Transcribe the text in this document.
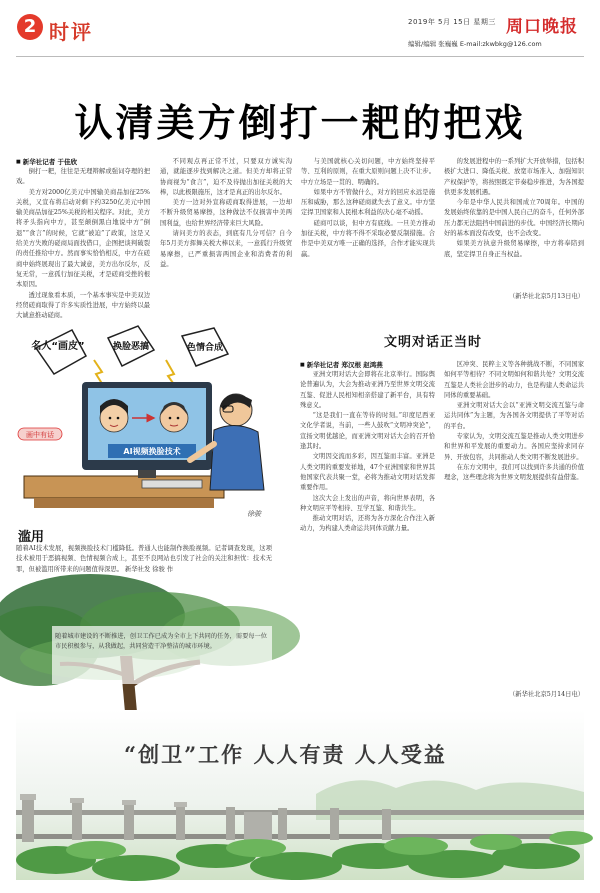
2 时评	2019年 5月 15日 星期三 周口晚报
编辑/编辑 张巍巍 E-mail:zkwbkg@126.com
认清美方倒打一耙的把戏

■ 新华社记者 于佳欣

倒打一耙，往往是无理辩解或强词夺理的把戏。

美方对2000亿美元中国输美商品加征25%关税，又宣布将启动对剩下约3250亿美元中国输美商品加征25%关税的相关程序。对此，美方将矛头指向中方，甚至颠倒黑白地说中方“倒退”“食言”的时候，它就“被迫”了政策，这是又给美方失败的磋商局面找借口，企图把谈判破裂的责任推给中方。然而事实恰恰相反，中方在磋商中始终展现出了最大诚意，美方出尔反尔，反复无常，一意孤行加征关税，才是磋商受挫的根本原因。

透过现象看本质，一个基本事实是中美双边经贸磋商取得了许多实质性进展，中方始终以最大诚意推动磋商。

不同观点再正常不过，只要双方诚实沟通，就能逐步找到解决之道。但美方却将正常协商视为“食言”，迫不及待抛出加征关税的大棒，以此极限施压，这才是真正的出尔反尔。

美方一边对外宣称磋商取得进展，一边却不断升级贸易摩擦，这种做法不仅损害中美两国利益，也给世界经济带来巨大风险。

请问美方的表态，到底有几分可信？自今年5月美方挥舞关税大棒以来，一意孤行升级贸易摩擦，已严重损害两国企业和消费者的利益。

与美国就核心关切问题，中方始终坚持平等、互利的原则，在重大原则问题上决不让步。中方立场是一贯的、明确的。

如果中方不管做什么，对方的回应永远是施压和威胁，那么这种磋商就失去了意义。中方坚定捍卫国家和人民根本利益的决心毫不动摇。

磋商可以谈，但中方有底线。一旦美方推动加征关税，中方将不得不采取必要反制措施。合作是中美双方唯一正确的选择，合作才能实现共赢。

的发展进程中的一系列扩大开放举措，包括积极扩大进口、降低关税、放宽市场准入、加强知识产权保护等，将按照既定节奏稳步推进，为各国提供更多发展机遇。

今年是中华人民共和国成立70周年。中国的发展始终依靠的是中国人民自己的奋斗，任何外部压力都无法阻挡中国前进的步伐。中国经济长期向好的基本面没有改变，也不会改变。

如果美方执意升级贸易摩擦，中方将奉陪到底，坚定捍卫自身正当权益。

（新华社北京5月13日电）

文明对话正当时

■ 新华社记者 郑汉根 赵鸿燕

亚洲文明对话大会即将在北京举行。国际舆论普遍认为，大会为推动亚洲乃至世界文明交流互鉴、促进人民相知相亲搭建了新平台，具有特殊意义。

“这是我们一直在等待的时刻。”印度尼西亚文化学者说，当前，一些人鼓吹“文明冲突论”，宣扬文明优越论，而亚洲文明对话大会的召开恰逢其时。

文明因交流而多彩，因互鉴而丰富。亚洲是人类文明的重要发祥地，47个亚洲国家和世界其他国家代表共聚一堂，必将为推动文明对话发挥重要作用。

这次大会上发出的声音，将向世界表明，各种文明应平等相待、互学互鉴、和谐共生。

推动文明对话，还将为各方深化合作注入新动力，为构建人类命运共同体贡献力量。

区冲突、民粹主义等各种挑战不断，不同国家如何平等相待？不同文明如何和谐共处？文明交流互鉴是人类社会进步的动力，也是构建人类命运共同体的重要基础。

亚洲文明对话大会以“亚洲文明交流互鉴与命运共同体”为主题，为各国各文明提供了平等对话的平台。

专家认为，文明交流互鉴是推动人类文明进步和世界和平发展的重要动力。各国应坚持求同存异、开放包容，共同推动人类文明不断发展进步。

在东方文明中，我们可以找到许多共通的价值理念，这些理念将为世界文明发展提供有益借鉴。

（新华社北京5月14日电）

名人“画皮”	换脸恶搞	色情合成
AI视频换脸技术
画中有话
徐骏
滥用
随着AI技术发展，视频换脸技术门槛降低。普通人也能制作换脸视频。记者调查发现，这项技术被用于恶搞视频、色情视频合成上，甚至不良网站也引发了社会的关注和担忧：技术无罪，但被滥用所带来的问题值得深思。 新华社发 徐骏 作
随着城市建设的不断推进，创卫工作已成为全市上下共同的任务，需要每一位市民积极参与，从我做起，共同营造干净整洁的城市环境。
“创卫”工作 人人有责 人人受益
